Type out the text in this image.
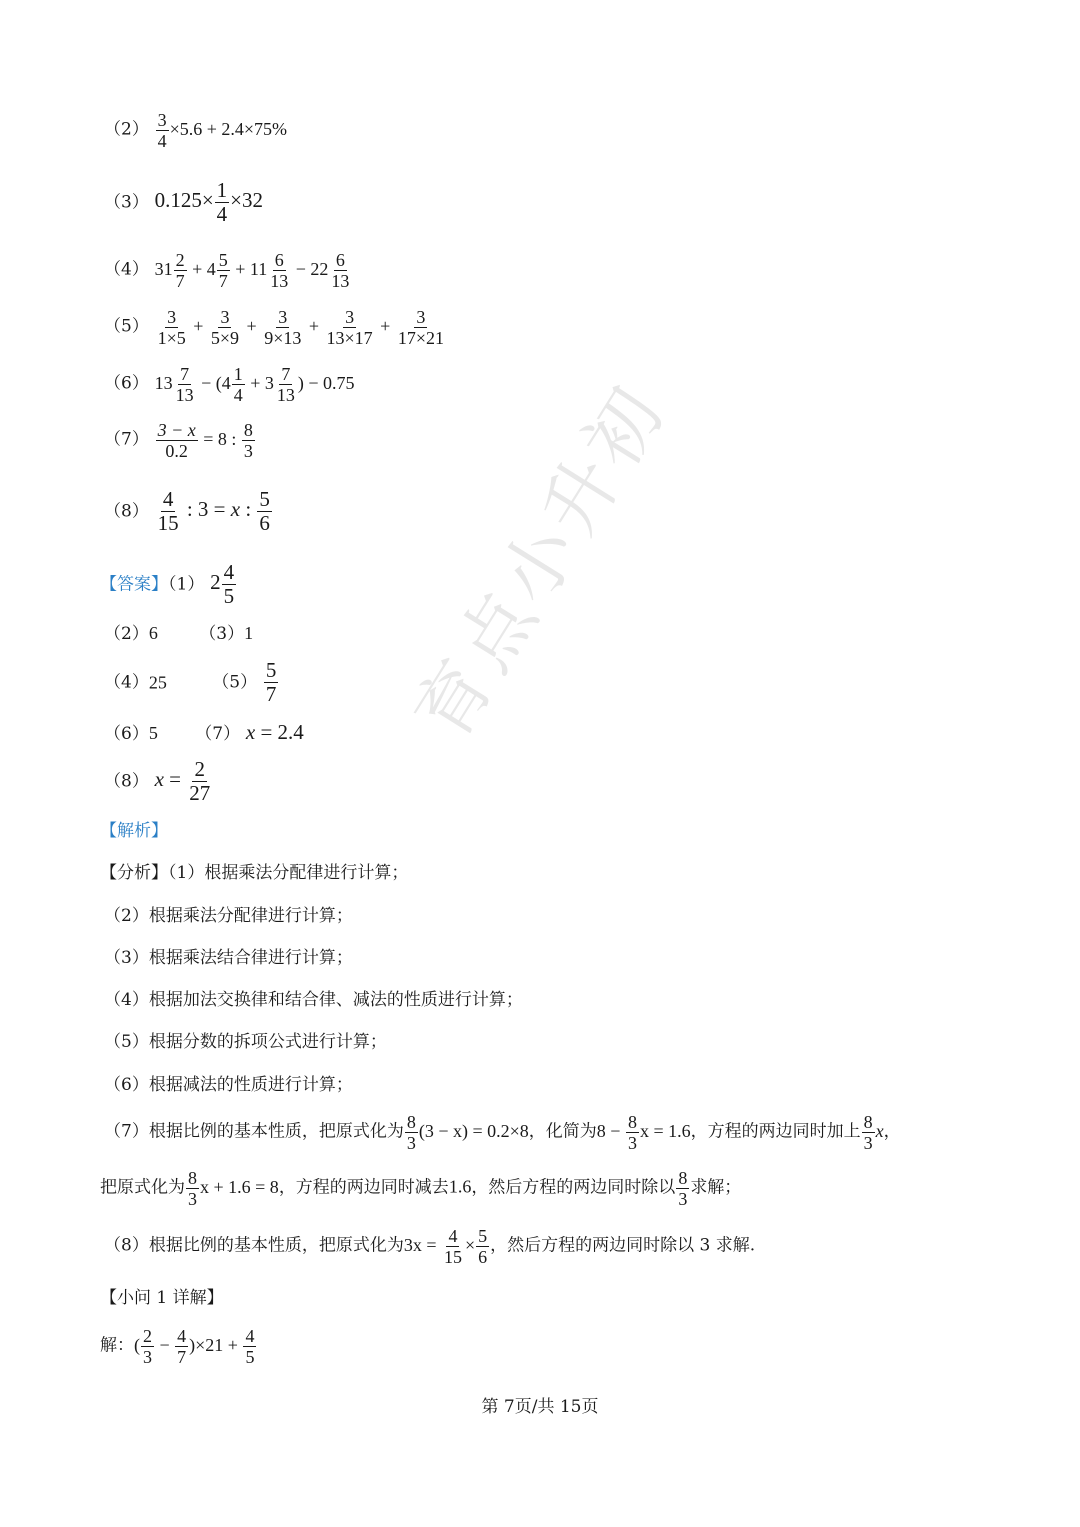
育点小升初
$(2) \frac{3}{4} \times 5.6 + 2.4\times 75\%$
（3） $0.125\times \frac{1}{4} \times 32$
（4） $31 \frac{2}{7} + 4 \frac{5}{7} + 11 \frac{6}{13} - 22 \frac{6}{13}$
$(5) \frac{3}{1\times 5} + \frac{3}{5\times 9} + \frac{3}{9\times 13} + \frac{3}{13\times 17} + \frac{3}{17\times 21}$
（6） $13 \frac{7}{13} - (4 \frac{1}{4} + 3 \frac{7}{13}$ ) − 0.75
$(7) \frac{3 - x}{0.2} = 8$ : $\frac{8}{3}$
$(8) \frac{4}{15}$ : 3 = x : $\frac{5}{6}$
【答案】（1） $2 \frac{4}{5}$
（2）6 （3）1
（4）25	$(5) \frac{5}{7}$
（6）5 （7） x = 2.4
（8） $x = \frac{2}{27}$
【解析】
【分析】（1）根据乘法分配律进行计算；
（2）根据乘法分配律进行计算；
（3）根据乘法结合律进行计算；
（4）根据加法交换律和结合律、减法的性质进行计算；
（5）根据分数的拆项公式进行计算；
（6）根据减法的性质进行计算；
（7）根据比例的基本性质，把原式化为 $\frac{8}{3} (3 - x) = 0.2\times 8$，化简为$8 - \frac{8}{3}$ x = 1.6，方程的两边同时加上 $\frac{8}{3}$ x，
把原式化为 $\frac{8}{3}$ x + 1.6 = 8，方程的两边同时减去1.6，然后方程的两边同时除以 $\frac{8}{3}$ 求解；
（8）根据比例的基本性质，把原式化为$3x = \frac{4}{15} \times \frac{5}{6}$ ，然后方程的两边同时除以 3 求解.
【小问 1 详解】
解：( $\frac{2}{3} - \frac{4}{7} )\times 21 + \frac{4}{5}$
第 7页/共 15页
